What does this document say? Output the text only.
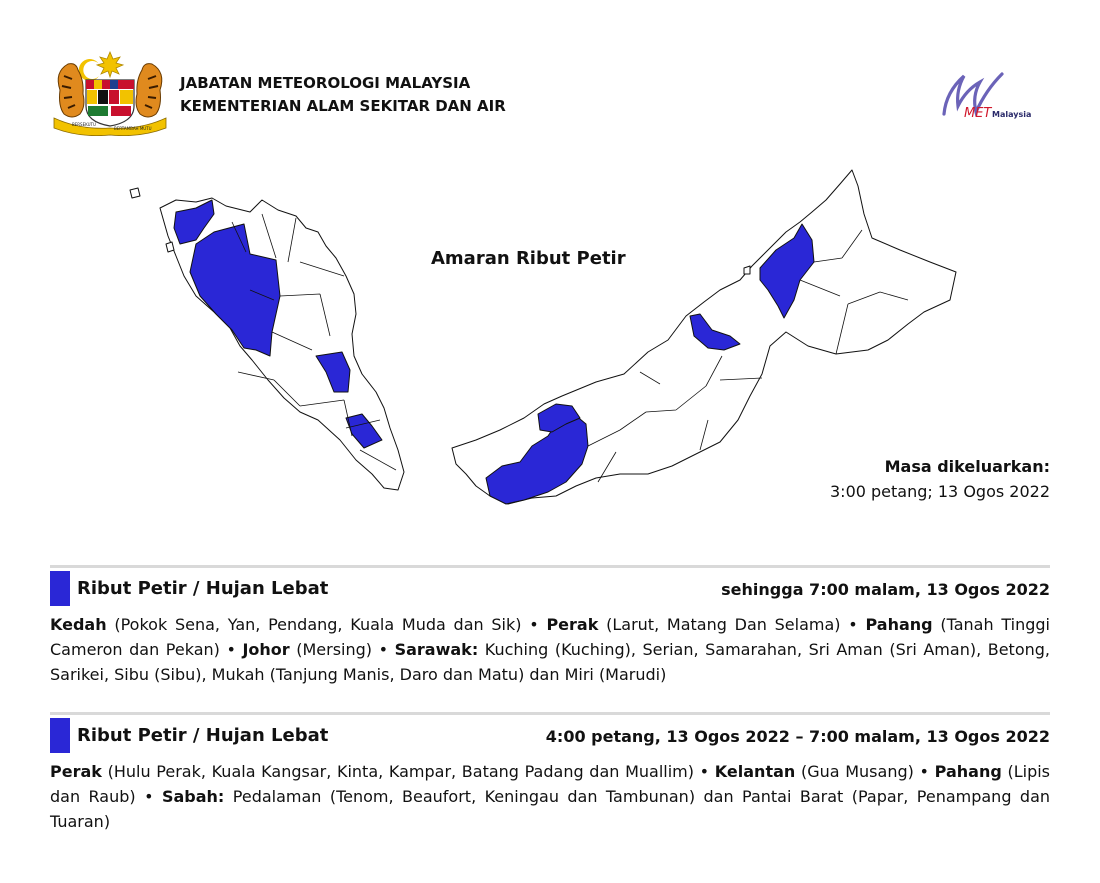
BERSEKUTU
BERTAMBAH MUTU
JABATAN METEOROLOGI MALAYSIA
KEMENTERIAN ALAM SEKITAR DAN AIR	MET Malaysia
Amaran Ribut Petir
Masa dikeluarkan:
3:00 petang; 13 Ogos 2022
Ribut Petir / Hujan Lebat	sehingga 7:00 malam, 13 Ogos 2022
Kedah (Pokok Sena, Yan, Pendang, Kuala Muda dan Sik) • Perak (Larut, Matang Dan Selama) • Pahang (Tanah Tinggi Cameron dan Pekan) • Johor (Mersing) • Sarawak: Kuching (Kuching), Serian, Samarahan, Sri Aman (Sri Aman), Betong, Sarikei, Sibu (Sibu), Mukah (Tanjung Manis, Daro dan Matu) dan Miri (Marudi)
Ribut Petir / Hujan Lebat	4:00 petang, 13 Ogos 2022 – 7:00 malam, 13 Ogos 2022
Perak (Hulu Perak, Kuala Kangsar, Kinta, Kampar, Batang Padang dan Muallim) • Kelantan (Gua Musang) • Pahang (Lipis dan Raub) • Sabah: Pedalaman (Tenom, Beaufort, Keningau dan Tambunan) dan Pantai Barat (Papar, Penampang dan Tuaran)
